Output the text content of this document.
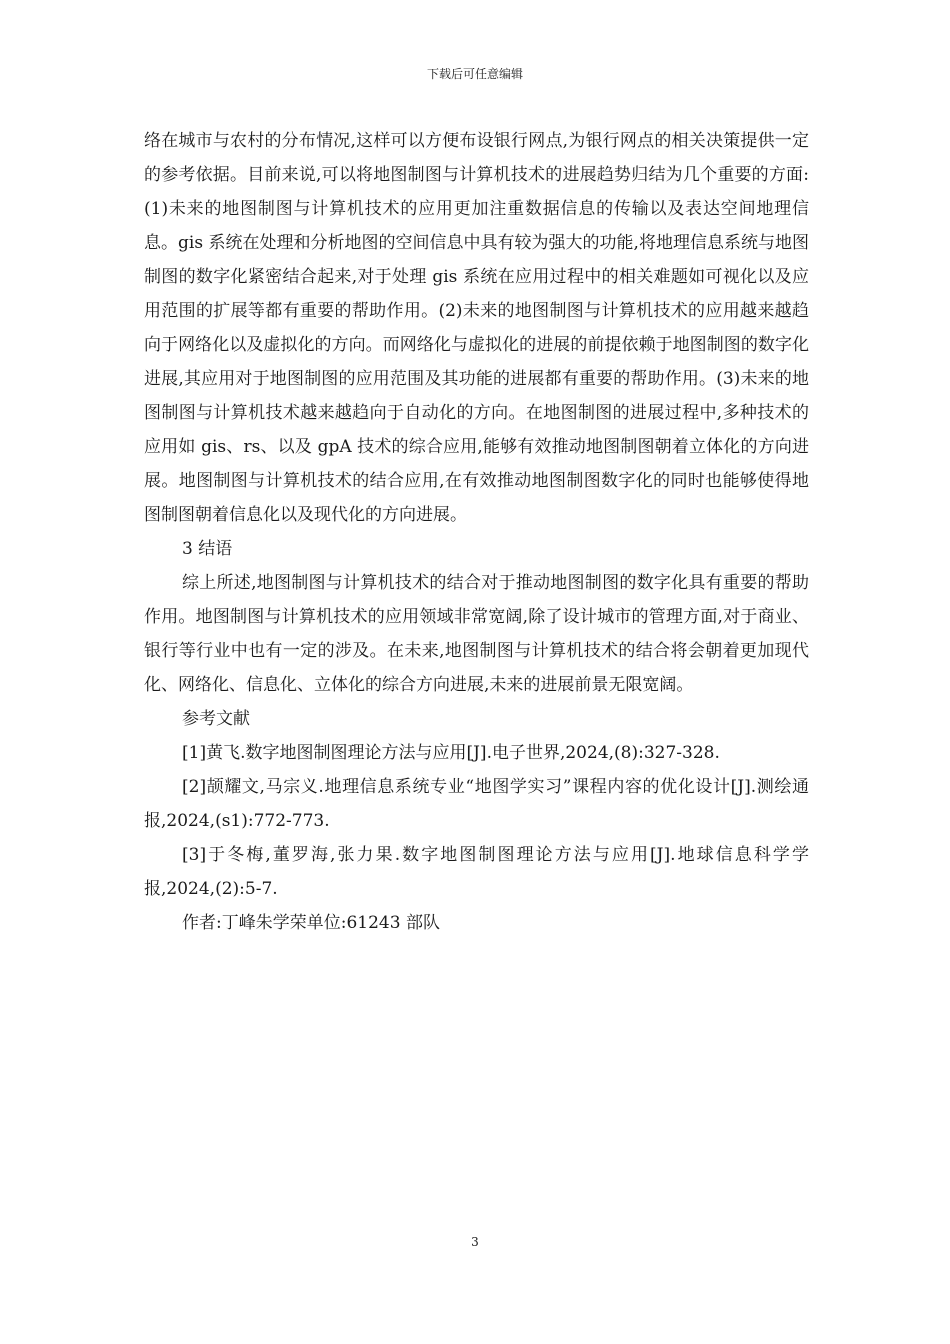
下载后可任意编辑

络在城市与农村的分布情况,这样可以方便布设银行网点,为银行网点的相关决策提供一定的参考依据。目前来说,可以将地图制图与计算机技术的进展趋势归结为几个重要的方面:(1)未来的地图制图与计算机技术的应用更加注重数据信息的传输以及表达空间地理信息。gis 系统在处理和分析地图的空间信息中具有较为强大的功能,将地理信息系统与地图制图的数字化紧密结合起来,对于处理 gis 系统在应用过程中的相关难题如可视化以及应用范围的扩展等都有重要的帮助作用。(2)未来的地图制图与计算机技术的应用越来越趋向于网络化以及虚拟化的方向。而网络化与虚拟化的进展的前提依赖于地图制图的数字化进展,其应用对于地图制图的应用范围及其功能的进展都有重要的帮助作用。(3)未来的地图制图与计算机技术越来越趋向于自动化的方向。在地图制图的进展过程中,多种技术的应用如 gis、rs、以及 gpA 技术的综合应用,能够有效推动地图制图朝着立体化的方向进展。地图制图与计算机技术的结合应用,在有效推动地图制图数字化的同时也能够使得地图制图朝着信息化以及现代化的方向进展。

3 结语

综上所述,地图制图与计算机技术的结合对于推动地图制图的数字化具有重要的帮助作用。地图制图与计算机技术的应用领域非常宽阔,除了设计城市的管理方面,对于商业、银行等行业中也有一定的涉及。在未来,地图制图与计算机技术的结合将会朝着更加现代化、网络化、信息化、立体化的综合方向进展,未来的进展前景无限宽阔。

参考文献

[1]黄飞.数字地图制图理论方法与应用[J].电子世界,2024,(8):327-328.

[2]颉耀文,马宗义.地理信息系统专业“地图学实习”课程内容的优化设计[J].测绘通报,2024,(s1):772-773.

[3]于冬梅,董罗海,张力果.数字地图制图理论方法与应用[J].地球信息科学学报,2024,(2):5-7.

作者:丁峰朱学荣单位:61243 部队

3
